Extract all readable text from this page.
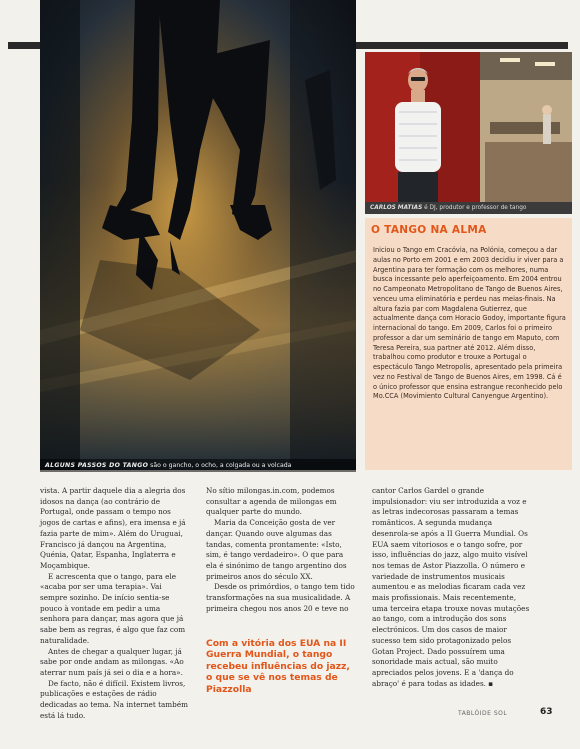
ALGUNS PASSOS DO TANGO são o gancho, o ocho, a colgada ou a volcada
CARLOS MATIAS é DJ, produtor e professor de tango
O TANGO NA ALMA

Iniciou o Tango em Cracóvia, na Polónia, começou a dar aulas no Porto em 2001 e em 2003 decidiu ir viver para a Argentina para ter formação com os melhores, numa busca incessante pelo aperfeiçoamento. Em 2004 entrou no Campeonato Metropolitano de Tango de Buenos Aires, venceu uma eliminatória e perdeu nas meias-finais. Na altura fazia par com Magdalena Gutierrez, que actualmente dança com Horacio Godoy, importante figura internacional do tango. Em 2009, Carlos foi o primeiro professor a dar um seminário de tango em Maputo, com Teresa Pereira, sua partner até 2012. Além disso, trabalhou como produtor e trouxe a Portugal o espectáculo Tango Metropolis, apresentado pela primeira vez no Festival de Tango de Buenos Aires, em 1998. Cá é o único professor que ensina estrangue reconhecido pelo Mo.CCA (Movimiento Cultural Canyengue Argentino).

vista. A partir daquele dia a alegria dos idosos na dança (ao contrário de Portugal, onde passam o tempo nos jogos de cartas e afins), era imensa e já fazia parte de mim». Além do Uruguai, Francisco já dançou na Argentina, Quénia, Qatar, Espanha, Inglaterra e Moçambique.

E acrescenta que o tango, para ele «acaba por ser uma terapia». Vai sempre sozinho. De início sentia-se pouco à vontade em pedir a uma senhora para dançar, mas agora que já sabe bem as regras, é algo que faz com naturalidade.

Antes de chegar a qualquer lugar, já sabe por onde andam as milongas. «Ao aterrar num país já sei o dia e a hora».

De facto, não é difícil. Existem livros, publicações e estações de rádio dedicadas ao tema. Na internet também está lá tudo.

No sítio milongas.in.com, podemos consultar a agenda de milongas em qualquer parte do mundo.

Maria da Conceição gosta de ver dançar. Quando ouve algumas das tandas, comenta prontamente: «Isto, sim, é tango verdadeiro». O que para ela é sinónimo de tango argentino dos primeiros anos do século XX.

Desde os primórdios, o tango tem tido transformações na sua musicalidade. A primeira chegou nos anos 20 e teve no

Com a vitória dos EUA na II Guerra Mundial, o tango recebeu influências do jazz, o que se vê nos temas de Piazzolla

cantor Carlos Gardel o grande impulsionador: viu ser introduzida a voz e as letras indecorosas passaram a temas românticos. A segunda mudança desenrola-se após a II Guerra Mundial. Os EUA saem vitoriosos e o tango sofre, por isso, influências do jazz, algo muito visível nos temas de Astor Piazzolla. O número e variedade de instrumentos musicais aumentou e as melodias ficaram cada vez mais profissionais. Mais recentemente, uma terceira etapa trouxe novas mutações ao tango, com a introdução dos sons electrónicos. Um dos casos de maior sucesso tem sido protagonizado pelos Gotan Project. Dado possuírem uma sonoridade mais actual, são muito apreciados pelos jovens. E a 'dança do abraço' é para todas as idades. ▪

TABLÓIDE SOL	63
